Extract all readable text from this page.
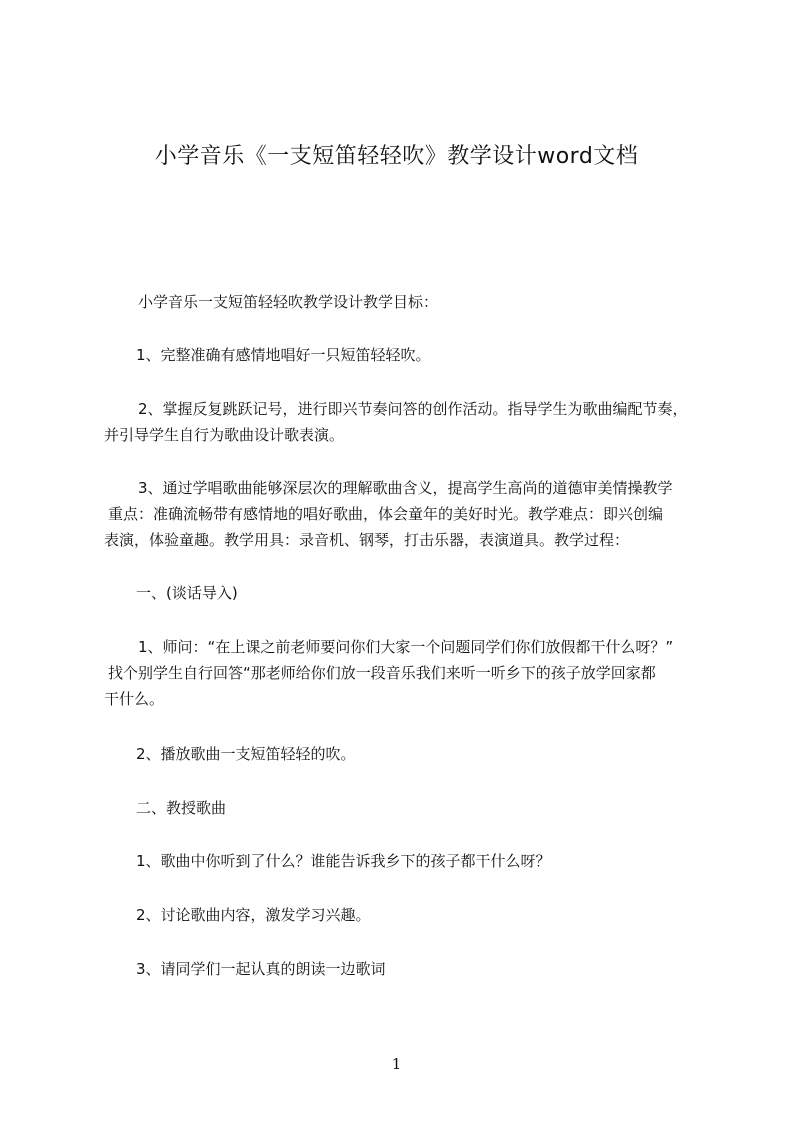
小学音乐《一支短笛轻轻吹》教学设计word文档

小学音乐一支短笛轻轻吹教学设计教学目标：

1、完整准确有感情地唱好一只短笛轻轻吹。

2、掌握反复跳跃记号，进行即兴节奏问答的创作活动。指导学生为歌曲编配节奏，
并引导学生自行为歌曲设计歌表演。

3、通过学唱歌曲能够深层次的理解歌曲含义，提高学生高尚的道德审美情操教学
重点：准确流畅带有感情地的唱好歌曲，体会童年的美好时光。教学难点：即兴创编
表演，体验童趣。教学用具：录音机、钢琴，打击乐器，表演道具。教学过程：

一、(谈话导入)

1、师问：“在上课之前老师要问你们大家一个问题同学们你们放假都干什么呀？”
找个别学生自行回答“那老师给你们放一段音乐我们来听一听乡下的孩子放学回家都
干什么。

2、播放歌曲一支短笛轻轻的吹。

二、教授歌曲

1、歌曲中你听到了什么？谁能告诉我乡下的孩子都干什么呀？

2、讨论歌曲内容，激发学习兴趣。

3、请同学们一起认真的朗读一边歌词

1
